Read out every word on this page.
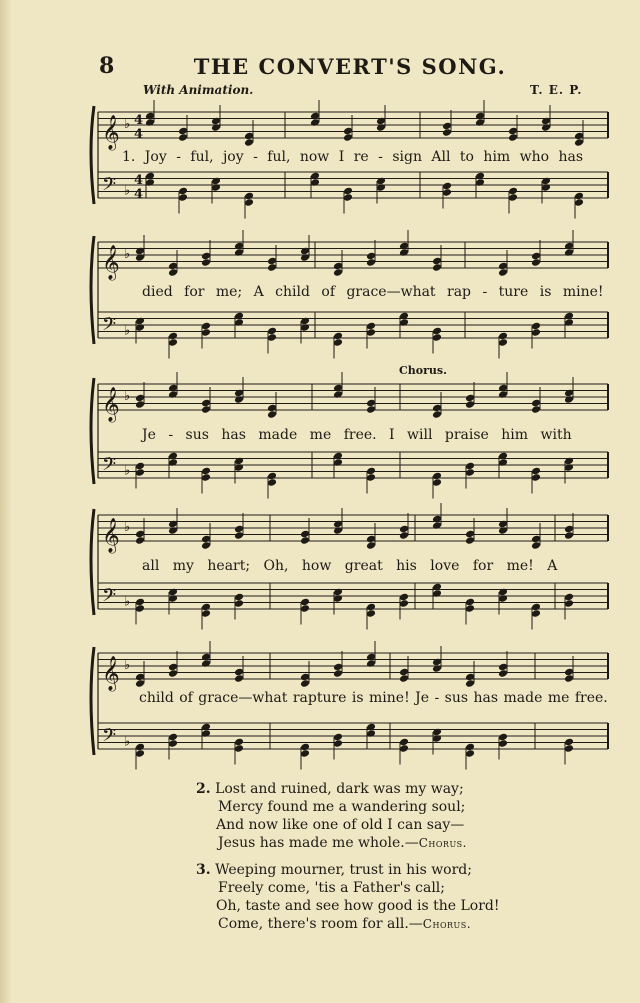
8	THE CONVERT'S SONG.
With Animation.	T. E. P.
Chorus.
𝄞 ♭ 4
4
𝄢 ♭
4
4
𝄞 ♭
𝄢 ♭
𝄞 ♭
𝄢 ♭
𝄞 ♭
𝄢 ♭
𝄞 ♭
𝄢 ♭
1. Joy - ful, joy - ful, now I re - sign All to him who has
died for me; A child of grace—what rap - ture is mine!
Je - sus has made me free. I will praise him with
all my heart; Oh, how great his love for me! A
child of grace—what rapture is mine! Je - sus has made me free.
2. Lost and ruined, dark was my way;
Mercy found me a wandering soul;
And now like one of old I can say—
Jesus has made me whole.—Chorus.
3. Weeping mourner, trust in his word;
Freely come, 'tis a Father's call;
Oh, taste and see how good is the Lord!
Come, there's room for all.—Chorus.
